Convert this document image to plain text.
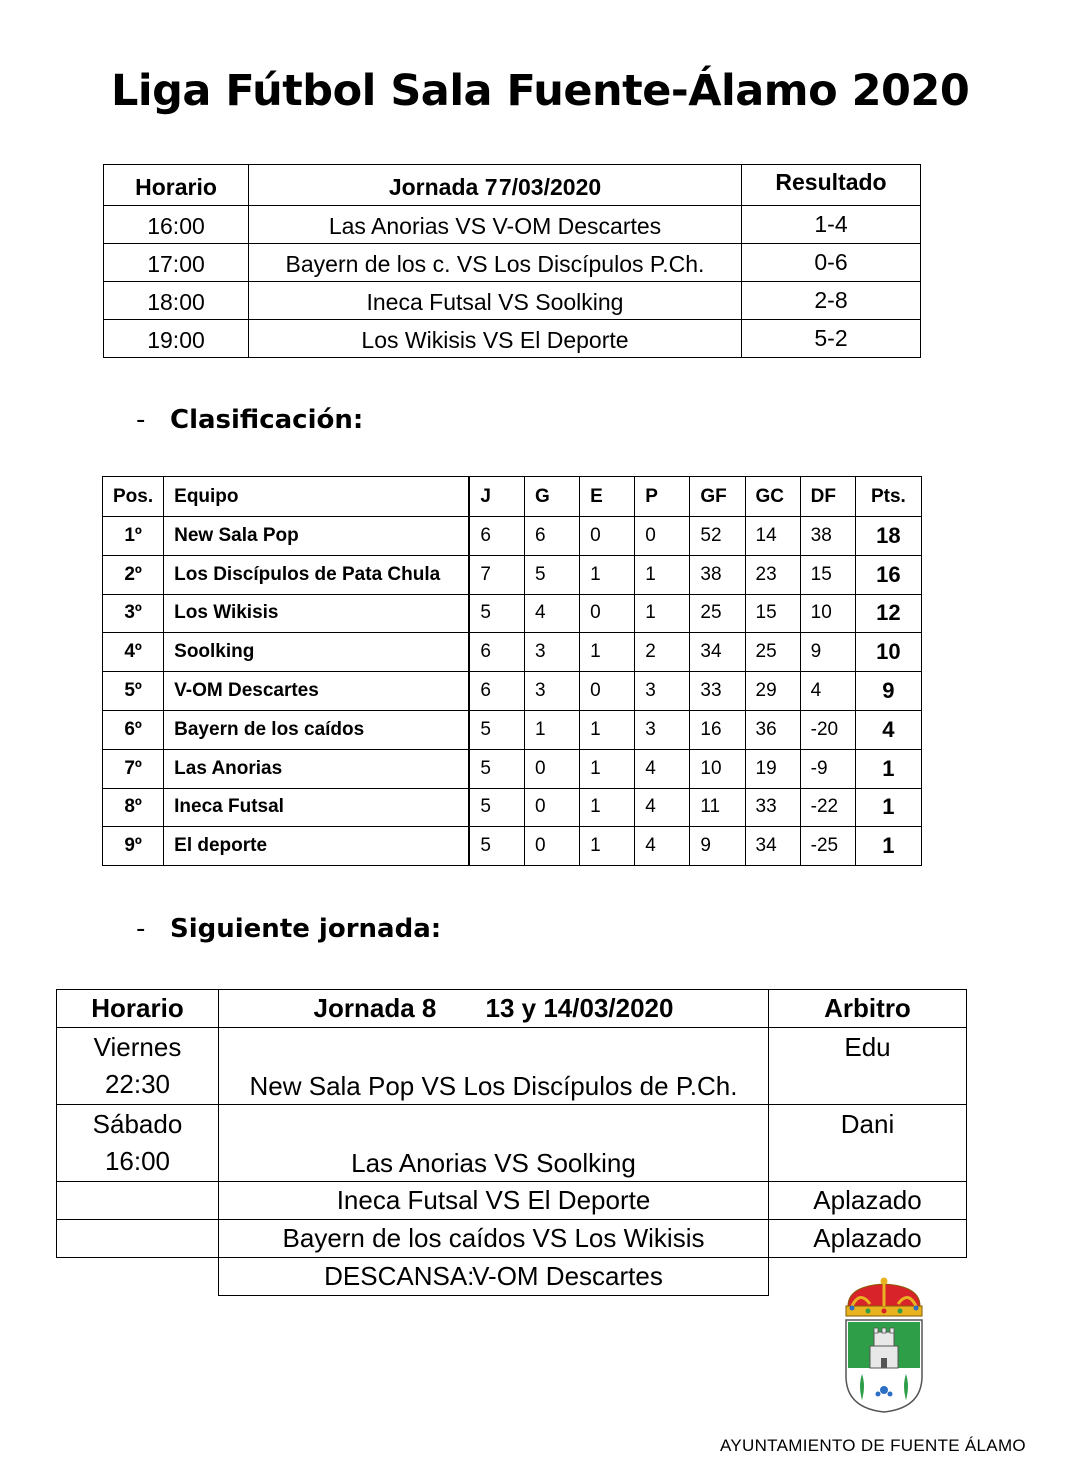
Liga Fútbol Sala Fuente-Álamo 2020
Horario	Jornada 77/03/2020	Resultado
16:00	Las Anorias VS V-OM Descartes	1-4
17:00	Bayern de los c. VS Los Discípulos P.Ch.	0-6
18:00	Ineca Futsal VS Soolking	2-8
19:00	Los Wikisis VS El Deporte	5-2
- Clasificación:
Pos.	Equipo	J	G	E	P	GF	GC	DF	Pts.
1º	New Sala Pop	6	6	0	0	52	14	38	18
2º	Los Discípulos de Pata Chula	7	5	1	1	38	23	15	16
3º	Los Wikisis	5	4	0	1	25	15	10	12
4º	Soolking	6	3	1	2	34	25	9	10
5º	V-OM Descartes	6	3	0	3	33	29	4	9
6º	Bayern de los caídos	5	1	1	3	16	36	-20	4
7º	Las Anorias	5	0	1	4	10	19	-9	1
8º	Ineca Futsal	5	0	1	4	11	33	-22	1
9º	El deporte	5	0	1	4	9	34	-25	1
- Siguiente jornada:
Horario	Jornada 8 13 y 14/03/2020	Arbitro
Viernes
22:30	New Sala Pop VS Los Discípulos de P.Ch.	Edu
Sábado
16:00	Las Anorias VS Soolking	Dani
	Ineca Futsal VS El Deporte	Aplazado
	Bayern de los caídos VS Los Wikisis	Aplazado
	DESCANSA:V-OM Descartes	
AYUNTAMIENTO DE FUENTE ÁLAMO
